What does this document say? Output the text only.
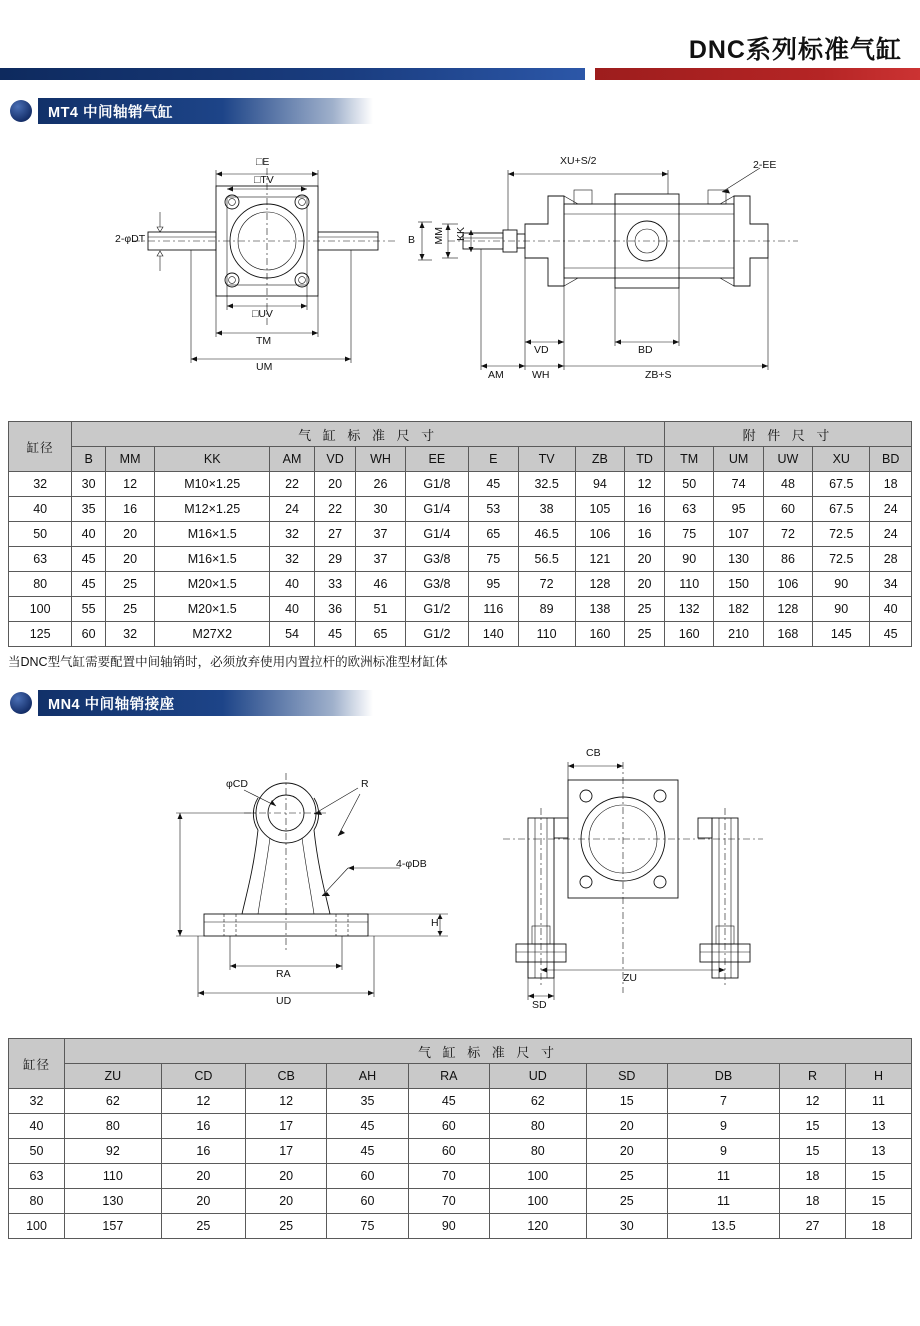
DNC系列标准气缸
MT4 中间轴销气缸
2-φDT
□E
□TV
□UV
TM
UM
B MM KK
AM	WH
VD	BD
ZB+S
XU+S/2	2-EE
缸径	气 缸 标 准 尺 寸											附 件 尺 寸				
	B	MM	KK	AM	VD	WH	EE	E	TV	ZB	TD	TM	UM	UW	XU	BD
32	30	12	M10×1.25	22	20	26	G1/8	45	32.5	94	12	50	74	48	67.5	18
40	35	16	M12×1.25	24	22	30	G1/4	53	38	105	16	63	95	60	67.5	24
50	40	20	M16×1.5	32	27	37	G1/4	65	46.5	106	16	75	107	72	72.5	24
63	45	20	M16×1.5	32	29	37	G3/8	75	56.5	121	20	90	130	86	72.5	28
80	45	25	M20×1.5	40	33	46	G3/8	95	72	128	20	110	150	106	90	34
100	55	25	M20×1.5	40	36	51	G1/2	116	89	138	25	132	182	128	90	40
125	60	32	M27X2	54	45	65	G1/2	140	110	160	25	160	210	168	145	45
当DNC型气缸需要配置中间轴销时，必须放弃使用内置拉杆的欧洲标准型材缸体
MN4 中间轴销接座
φCD	R
4-φDB
H
RA
UD
CB
ZU
SD
缸径	气 缸 标 准 尺 寸									
	ZU	CD	CB	AH	RA	UD	SD	DB	R	H
32	62	12	12	35	45	62	15	7	12	11
40	80	16	17	45	60	80	20	9	15	13
50	92	16	17	45	60	80	20	9	15	13
63	110	20	20	60	70	100	25	11	18	15
80	130	20	20	60	70	100	25	11	18	15
100	157	25	25	75	90	120	30	13.5	27	18
